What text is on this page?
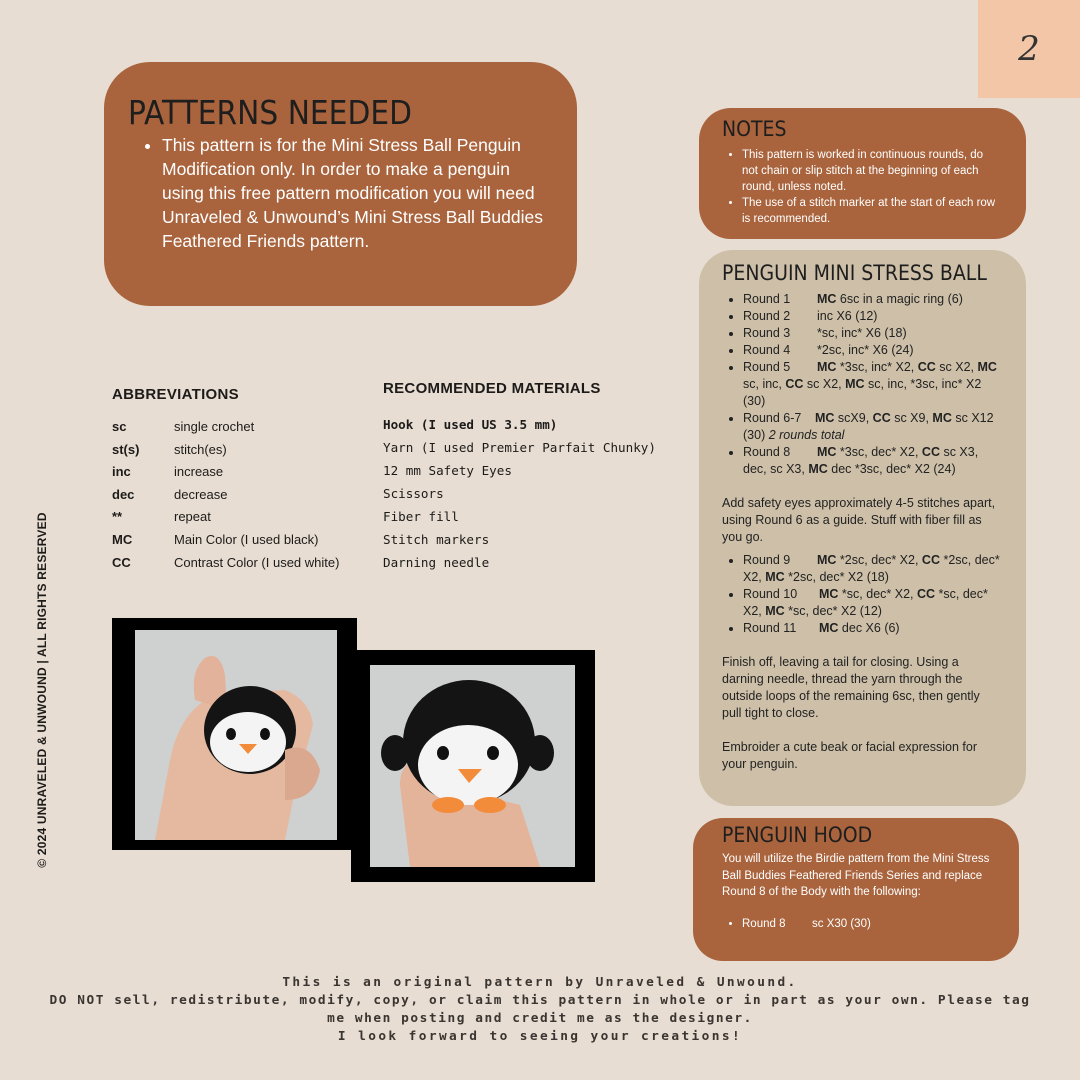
2
PATTERNS NEEDED
• This pattern is for the Mini Stress Ball Penguin Modification only. In order to make a penguin using this free pattern modification you will need Unraveled & Unwound’s Mini Stress Ball Buddies Feathered Friends pattern.
NOTES
• This pattern is worked in continuous rounds, do not chain or slip stitch at the beginning of each round, unless noted.
• The use of a stitch marker at the start of each row is recommended.
PENGUIN MINI STRESS BALL
• Round 1 MC 6sc in a magic ring (6)
• Round 2 inc X6 (12)
• Round 3 *sc, inc* X6 (18)
• Round 4 *2sc, inc* X6 (24)
• Round 5 MC *3sc, inc* X2, CC sc X2, MC sc, inc, CC sc X2, MC sc, inc, *3sc, inc* X2 (30)
• Round 6-7 MC scX9, CC sc X9, MC sc X12 (30) 2 rounds total
• Round 8 MC *3sc, dec* X2, CC sc X3, dec, sc X3, MC dec *3sc, dec* X2 (24)

Add safety eyes approximately 4-5 stitches apart, using Round 6 as a guide. Stuff with fiber fill as you go.

• Round 9 MC *2sc, dec* X2, CC *2sc, dec* X2, MC *2sc, dec* X2 (18)
• Round 10 MC *sc, dec* X2, CC *sc, dec* X2, MC *sc, dec* X2 (12)
• Round 11 MC dec X6 (6)

Finish off, leaving a tail for closing. Using a darning needle, thread the yarn through the outside loops of the remaining 6sc, then gently pull tight to close.

Embroider a cute beak or facial expression for your penguin.

PENGUIN HOOD

You will utilize the Birdie pattern from the Mini Stress Ball Buddies Feathered Friends Series and replace Round 8 of the Body with the following:

• Round 8 sc X30 (30)
ABBREVIATIONS
sc	single crochet
st(s)	stitch(es)
inc	increase
dec	decrease
**	repeat
MC	Main Color (I used black)
CC	Contrast Color (I used white)
RECOMMENDED MATERIALS
Hook (I used US 3.5 mm)
Yarn (I used Premier Parfait Chunky)
12 mm Safety Eyes
Scissors
Fiber fill
Stitch markers
Darning needle
© 2024 UNRAVELED & UNWOUND | ALL RIGHTS RESERVED
This is an original pattern by Unraveled & Unwound.
DO NOT sell, redistribute, modify, copy, or claim this pattern in whole or in part as your own. Please tag me when posting and credit me as the designer.
I look forward to seeing your creations!
